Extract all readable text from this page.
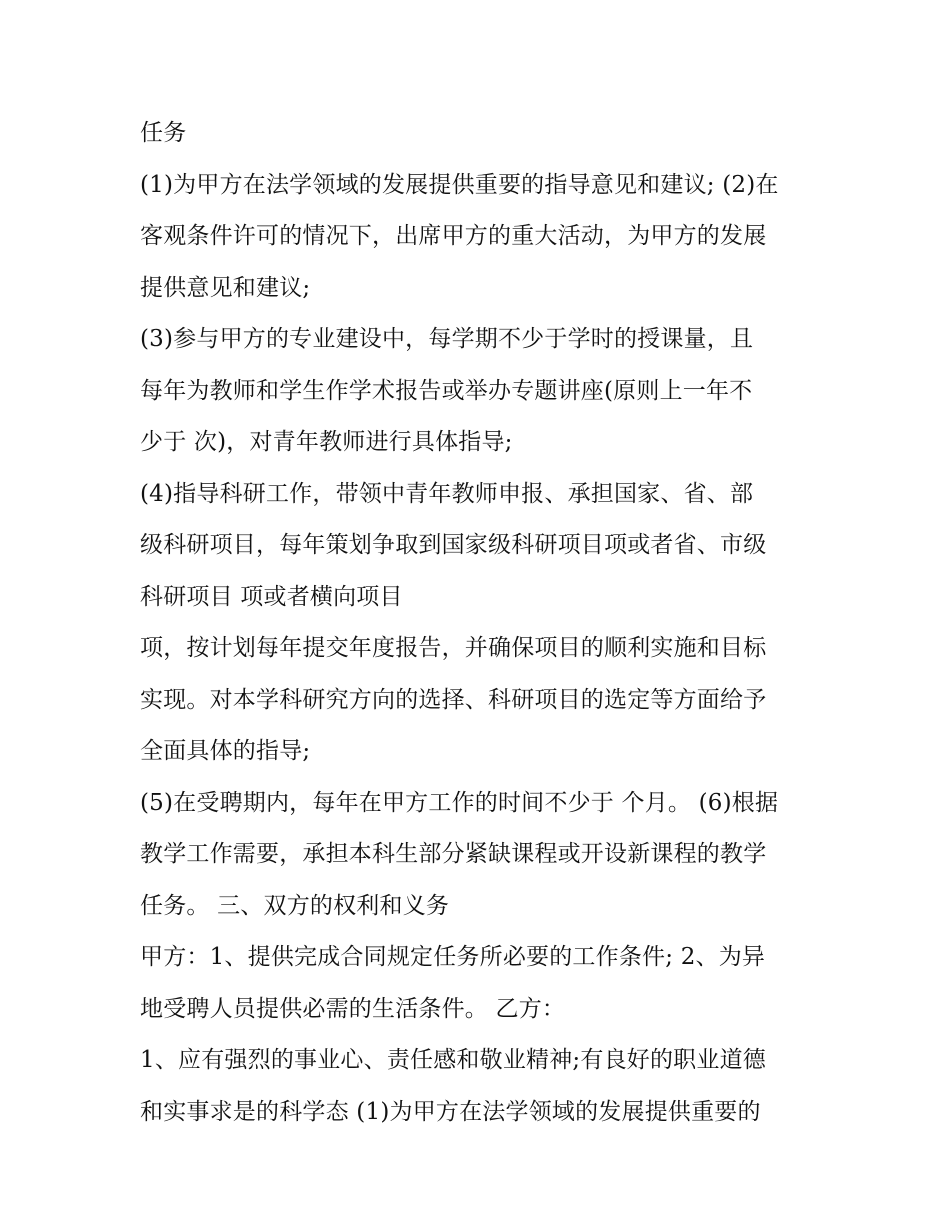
任务
(1)为甲方在法学领域的发展提供重要的指导意见和建议; (2)在
客观条件许可的情况下，出席甲方的重大活动，为甲方的发展
提供意见和建议;
(3)参与甲方的专业建设中，每学期不少于学时的授课量，且
每年为教师和学生作学术报告或举办专题讲座(原则上一年不
少于 次)，对青年教师进行具体指导;
(4)指导科研工作，带领中青年教师申报、承担国家、省、部
级科研项目，每年策划争取到国家级科研项目项或者省、市级
科研项目 项或者横向项目
项，按计划每年提交年度报告，并确保项目的顺利实施和目标
实现。对本学科研究方向的选择、科研项目的选定等方面给予
全面具体的指导;
(5)在受聘期内，每年在甲方工作的时间不少于 个月。 (6)根据
教学工作需要，承担本科生部分紧缺课程或开设新课程的教学
任务。 三、双方的权利和义务
甲方：1、提供完成合同规定任务所必要的工作条件; 2、为异
地受聘人员提供必需的生活条件。 乙方：
1、应有强烈的事业心、责任感和敬业精神;有良好的职业道德
和实事求是的科学态 (1)为甲方在法学领域的发展提供重要的
